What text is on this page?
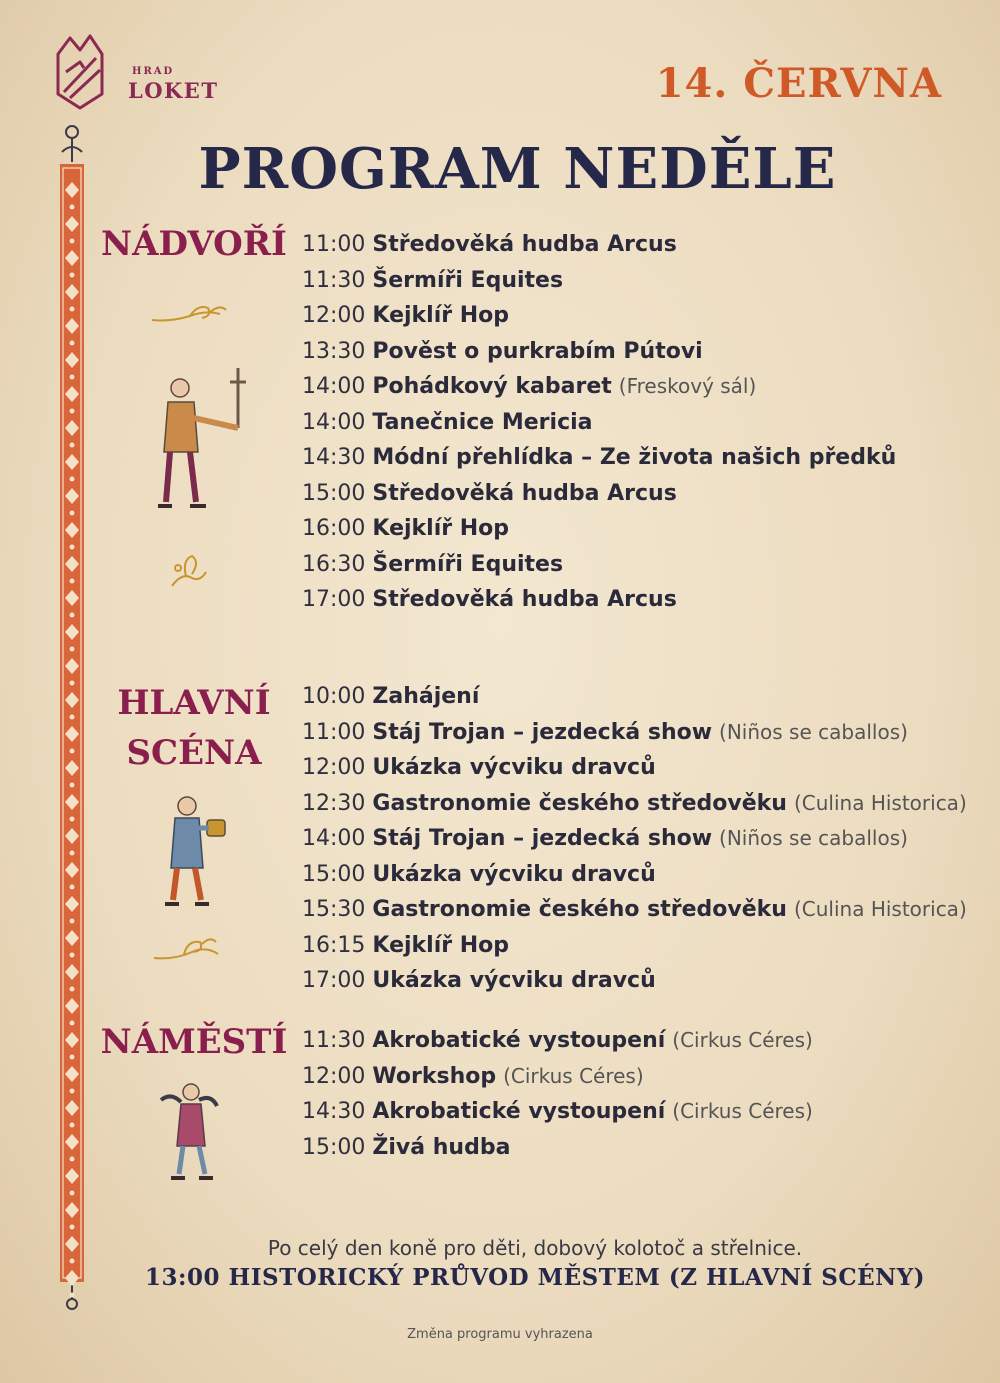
HRAD
LOKET	14. ČERVNA
PROGRAM NEDĚLE
NÁDVOŘÍ
HLAVNÍ
SCÉNA
NÁMĚSTÍ
11:00 Středověká hudba Arcus
11:30 Šermíři Equites
12:00 Kejklíř Hop
13:30 Pověst o purkrabím Pútovi
14:00 Pohádkový kabaret (Freskový sál)
14:00 Tanečnice Mericia
14:30 Módní přehlídka – Ze života našich předků
15:00 Středověká hudba Arcus
16:00 Kejklíř Hop
16:30 Šermíři Equites
17:00 Středověká hudba Arcus
10:00 Zahájení
11:00 Stáj Trojan – jezdecká show (Niños se caballos)
12:00 Ukázka výcviku dravců
12:30 Gastronomie českého středověku (Culina Historica)
14:00 Stáj Trojan – jezdecká show (Niños se caballos)
15:00 Ukázka výcviku dravců
15:30 Gastronomie českého středověku (Culina Historica)
16:15 Kejklíř Hop
17:00 Ukázka výcviku dravců
11:30 Akrobatické vystoupení (Cirkus Céres)
12:00 Workshop (Cirkus Céres)
14:30 Akrobatické vystoupení (Cirkus Céres)
15:00 Živá hudba
Po celý den koně pro děti, dobový kolotoč a střelnice.
13:00 HISTORICKÝ PRŮVOD MĚSTEM (Z HLAVNÍ SCÉNY)
Změna programu vyhrazena
